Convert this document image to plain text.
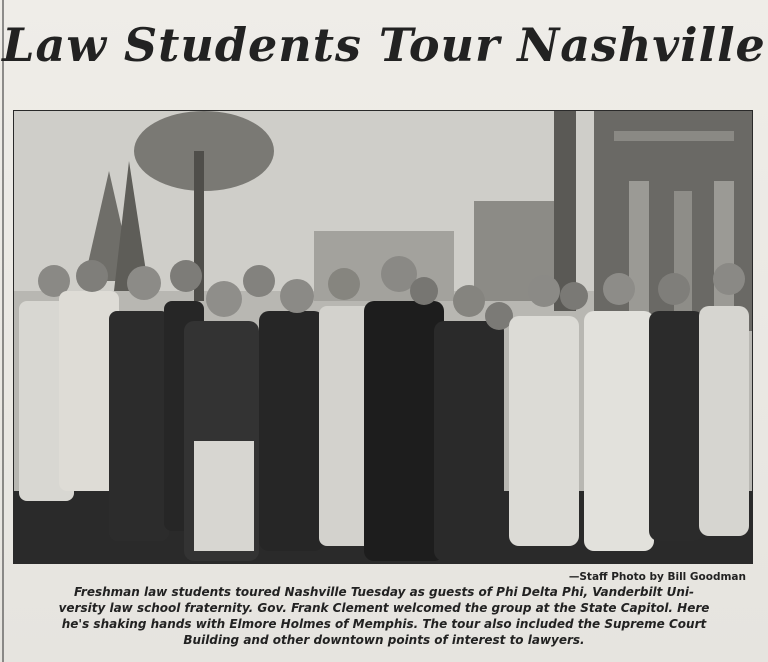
Law Students Tour Nashville
—Staff Photo by Bill Goodman
Freshman law students toured Nashville Tuesday as guests of Phi Delta Phi, Vanderbilt Uni-
versity law school fraternity. Gov. Frank Clement welcomed the group at the State Capitol. Here
he's shaking hands with Elmore Holmes of Memphis. The tour also included the Supreme Court
Building and other downtown points of interest to lawyers.
